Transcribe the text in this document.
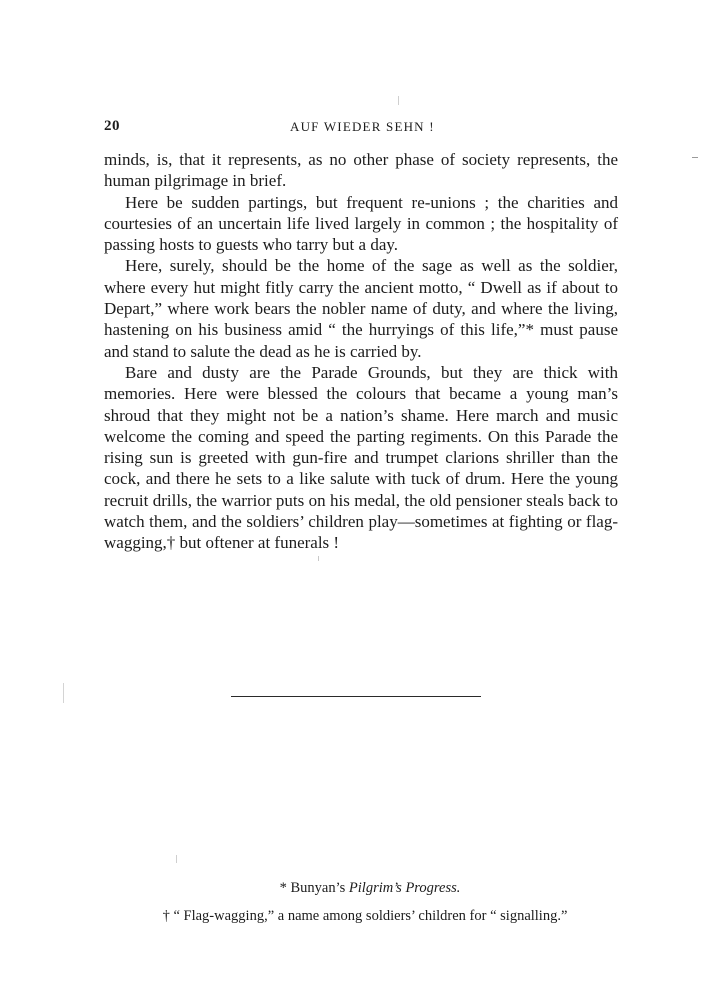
20	AUF WIEDER SEHN !

minds, is, that it represents, as no other phase of society represents, the human pilgrimage in brief.

Here be sudden partings, but frequent re-unions ; the charities and courtesies of an uncertain life lived largely in common ; the hospitality of passing hosts to guests who tarry but a day.

Here, surely, should be the home of the sage as well as the soldier, where every hut might fitly carry the ancient motto, “ Dwell as if about to Depart,” where work bears the nobler name of duty, and where the living, hastening on his business amid “ the hurryings of this life,”* must pause and stand to salute the dead as he is carried by.

Bare and dusty are the Parade Grounds, but they are thick with memories. Here were blessed the colours that became a young man’s shroud that they might not be a nation’s shame. Here march and music welcome the coming and speed the parting regiments. On this Parade the rising sun is greeted with gun-fire and trumpet clarions shriller than the cock, and there he sets to a like salute with tuck of drum. Here the young recruit drills, the warrior puts on his medal, the old pensioner steals back to watch them, and the soldiers’ children play—sometimes at fighting or flag-wagging,† but oftener at funerals !

* Bunyan’s Pilgrim’s Progress.
† “ Flag-wagging,” a name among soldiers’ children for “ signalling.”
